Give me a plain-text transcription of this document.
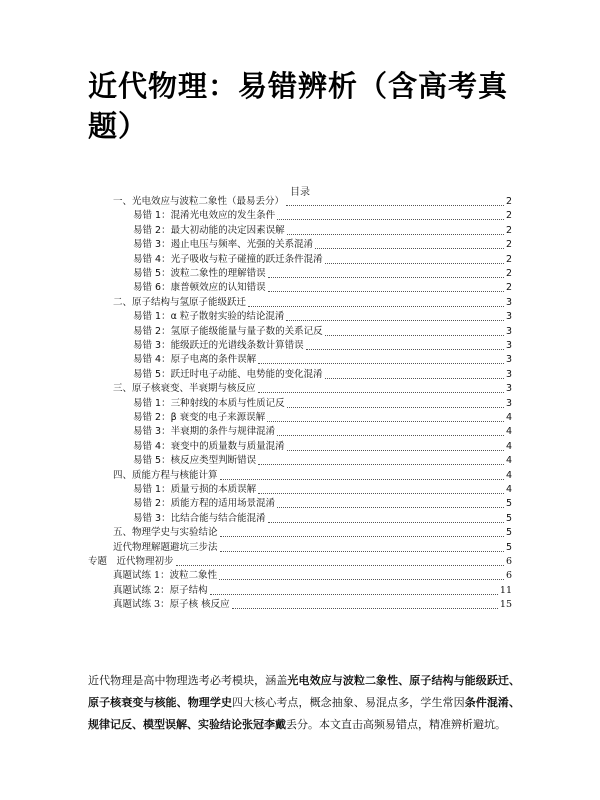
近代物理：易错辨析（含高考真题）
目录
一、光电效应与波粒二象性（最易丢分）	2
易错 1：混淆光电效应的发生条件	2
易错 2：最大初动能的决定因素误解	2
易错 3：遏止电压与频率、光强的关系混淆	2
易错 4：光子吸收与粒子碰撞的跃迁条件混淆	2
易错 5：波粒二象性的理解错误	2
易错 6：康普顿效应的认知错误	2
二、原子结构与氢原子能级跃迁	3
易错 1：α 粒子散射实验的结论混淆	3
易错 2：氢原子能级能量与量子数的关系记反	3
易错 3：能级跃迁的光谱线条数计算错误	3
易错 4：原子电离的条件误解	3
易错 5：跃迁时电子动能、电势能的变化混淆	3
三、原子核衰变、半衰期与核反应	3
易错 1：三种射线的本质与性质记反	3
易错 2：β 衰变的电子来源误解	4
易错 3：半衰期的条件与规律混淆	4
易错 4：衰变中的质量数与质量混淆	4
易错 5：核反应类型判断错误	4
四、质能方程与核能计算	4
易错 1：质量亏损的本质误解	4
易错 2：质能方程的适用场景混淆	5
易错 3：比结合能与结合能混淆	5
五、物理学史与实验结论	5
近代物理解题避坑三步法	5
专题　近代物理初步	6
真题试练 1：波粒二象性	6
真题试练 2：原子结构	11
真题试练 3：原子核 核反应	15
近代物理是高中物理选考必考模块，涵盖光电效应与波粒二象性、原子结构与能级跃迁、原子核衰变与核能、物理学史四大核心考点，概念抽象、易混点多，学生常因条件混淆、规律记反、模型误解、实验结论张冠李戴丢分。本文直击高频易错点，精准辨析避坑。
